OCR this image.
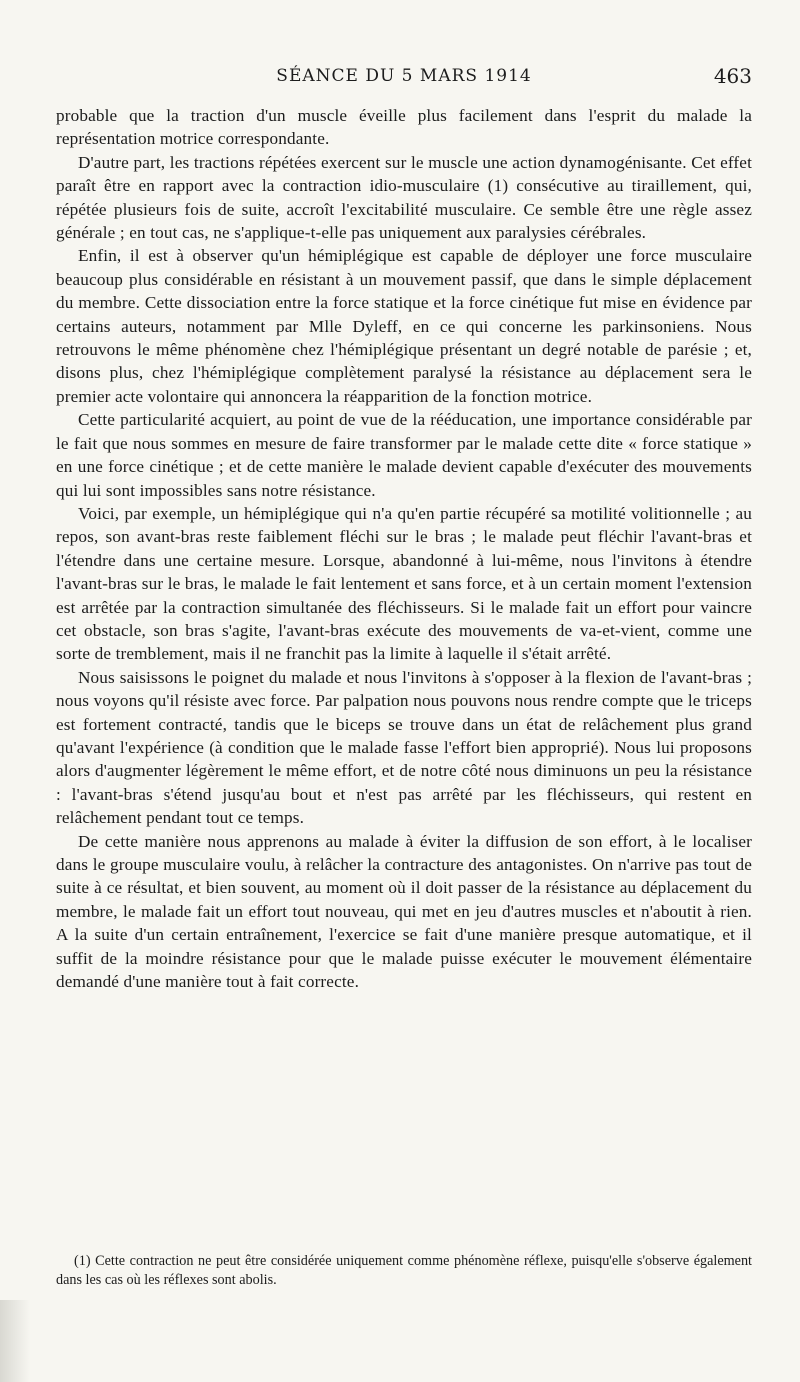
SÉANCE DU 5 MARS 1914	463

probable que la traction d'un muscle éveille plus facilement dans l'esprit du malade la représentation motrice correspondante.

D'autre part, les tractions répétées exercent sur le muscle une action dynamogénisante. Cet effet paraît être en rapport avec la contraction idio-musculaire (1) consécutive au tiraillement, qui, répétée plusieurs fois de suite, accroît l'excitabilité musculaire. Ce semble être une règle assez générale ; en tout cas, ne s'applique-t-elle pas uniquement aux paralysies cérébrales.

Enfin, il est à observer qu'un hémiplégique est capable de déployer une force musculaire beaucoup plus considérable en résistant à un mouvement passif, que dans le simple déplacement du membre. Cette dissociation entre la force statique et la force cinétique fut mise en évidence par certains auteurs, notamment par Mlle Dyleff, en ce qui concerne les parkinsoniens. Nous retrouvons le même phénomène chez l'hémiplégique présentant un degré notable de parésie ; et, disons plus, chez l'hémiplégique complètement paralysé la résistance au déplacement sera le premier acte volontaire qui annoncera la réapparition de la fonction motrice.

Cette particularité acquiert, au point de vue de la rééducation, une importance considérable par le fait que nous sommes en mesure de faire transformer par le malade cette dite « force statique » en une force cinétique ; et de cette manière le malade devient capable d'exécuter des mouvements qui lui sont impossibles sans notre résistance.

Voici, par exemple, un hémiplégique qui n'a qu'en partie récupéré sa motilité volitionnelle ; au repos, son avant-bras reste faiblement fléchi sur le bras ; le malade peut fléchir l'avant-bras et l'étendre dans une certaine mesure. Lorsque, abandonné à lui-même, nous l'invitons à étendre l'avant-bras sur le bras, le malade le fait lentement et sans force, et à un certain moment l'extension est arrêtée par la contraction simultanée des fléchisseurs. Si le malade fait un effort pour vaincre cet obstacle, son bras s'agite, l'avant-bras exécute des mouvements de va-et-vient, comme une sorte de tremblement, mais il ne franchit pas la limite à laquelle il s'était arrêté.

Nous saisissons le poignet du malade et nous l'invitons à s'opposer à la flexion de l'avant-bras ; nous voyons qu'il résiste avec force. Par palpation nous pouvons nous rendre compte que le triceps est fortement contracté, tandis que le biceps se trouve dans un état de relâchement plus grand qu'avant l'expérience (à condition que le malade fasse l'effort bien approprié). Nous lui proposons alors d'augmenter légèrement le même effort, et de notre côté nous diminuons un peu la résistance : l'avant-bras s'étend jusqu'au bout et n'est pas arrêté par les fléchisseurs, qui restent en relâchement pendant tout ce temps.

De cette manière nous apprenons au malade à éviter la diffusion de son effort, à le localiser dans le groupe musculaire voulu, à relâcher la contracture des antagonistes. On n'arrive pas tout de suite à ce résultat, et bien souvent, au moment où il doit passer de la résistance au déplacement du membre, le malade fait un effort tout nouveau, qui met en jeu d'autres muscles et n'aboutit à rien. A la suite d'un certain entraînement, l'exercice se fait d'une manière presque automatique, et il suffit de la moindre résistance pour que le malade puisse exécuter le mouvement élémentaire demandé d'une manière tout à fait correcte.

(1) Cette contraction ne peut être considérée uniquement comme phénomène réflexe, puisqu'elle s'observe également dans les cas où les réflexes sont abolis.
